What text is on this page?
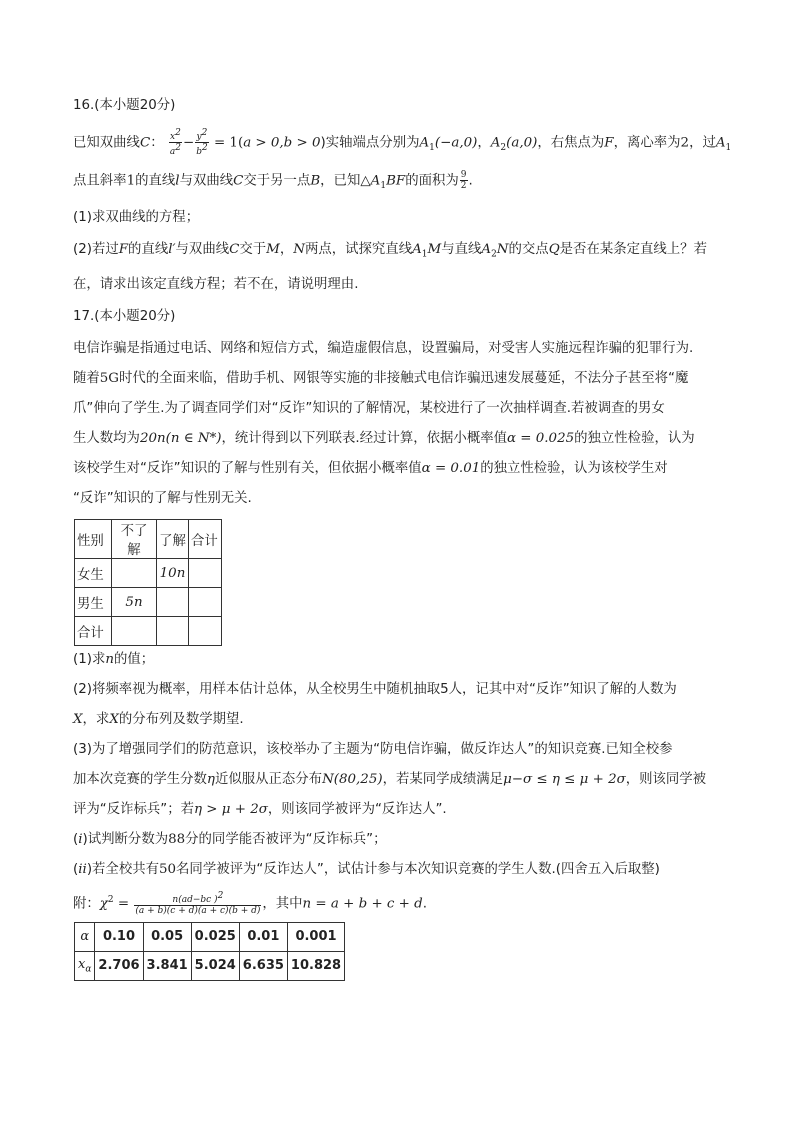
16.(本小题20分)
已知双曲线C： $\frac{x^2}{a^2} - \frac{y^2}{b^2} = 1(a > 0,b > 0)$实轴端点分别为$A_1(-a,0)$，$A_2(a,0)$，右焦点为F，离心率为2，过$A_1$
点且斜率1的直线l与双曲线C交于另一点B，已知$\triangle A_1BF$的面积为 $\frac{9}{2}$ .
(1)求双曲线的方程；
(2)若过F的直线l′与双曲线C交于M，N两点，试探究直线$A_1M$与直线$A_2N$的交点Q是否在某条定直线上？若
在，请求出该定直线方程；若不在，请说明理由.
17.(本小题20分)
电信诈骗是指通过电话、网络和短信方式，编造虚假信息，设置骗局，对受害人实施远程诈骗的犯罪行为.
随着5G时代的全面来临，借助手机、网银等实施的非接触式电信诈骗迅速发展蔓延，不法分子甚至将“魔
爪”伸向了学生.为了调查同学们对“反诈”知识的了解情况，某校进行了一次抽样调查.若被调查的男女
生人数均为20n(n ∈ N*)，统计得到以下列联表.经过计算，依据小概率值α = 0.025的独立性检验，认为
该校学生对“反诈”知识的了解与性别有关，但依据小概率值α = 0.01的独立性检验，认为该校学生对
“反诈”知识的了解与性别无关.
性别	不了解	了解	合计
女生		10n	
男生	5n		
合计			
(1)求n的值；
(2)将频率视为概率，用样本估计总体，从全校男生中随机抽取5人，记其中对“反诈”知识了解的人数为
X，求X的分布列及数学期望.
(3)为了增强同学们的防范意识，该校举办了主题为“防电信诈骗，做反诈达人”的知识竞赛.已知全校参
加本次竞赛的学生分数η近似服从正态分布N(80,25)，若某同学成绩满足μ−σ ≤ η ≤ μ + 2σ，则该同学被
评为“反诈标兵”；若η > μ + 2σ，则该同学被评为“反诈达人”.
(i)试判断分数为88分的同学能否被评为“反诈标兵”；
(ii)若全校共有50名同学被评为“反诈达人”，试估计参与本次知识竞赛的学生人数.(四舍五入后取整)
附：$\chi^2 = \frac{n(ad-bc )^2}{(a + b)(c + d)(a + c)(b + d)}$ ，其中n = a + b + c + d.
α	0.10	0.05	0.025	0.01	0.001
$x_\alpha$	2.706	3.841	5.024	6.635	10.828
